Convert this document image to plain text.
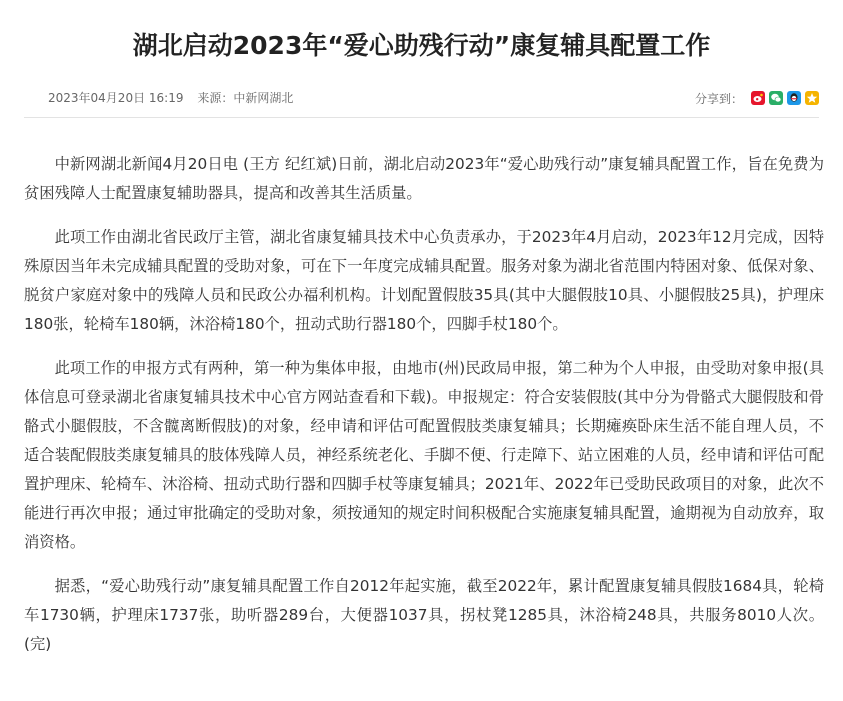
湖北启动2023年“爱心助残行动”康复辅具配置工作
2023年04月20日 16:19 来源：中新网湖北	分享到：

中新网湖北新闻4月20日电 (王方 纪红斌)日前，湖北启动2023年“爱心助残行动”康复辅具配置工作，旨在免费为贫困残障人士配置康复辅助器具，提高和改善其生活质量。

此项工作由湖北省民政厅主管，湖北省康复辅具技术中心负责承办，于2023年4月启动，2023年12月完成，因特殊原因当年未完成辅具配置的受助对象，可在下一年度完成辅具配置。服务对象为湖北省范围内特困对象、低保对象、脱贫户家庭对象中的残障人员和民政公办福利机构。计划配置假肢35具(其中大腿假肢10具、小腿假肢25具)，护理床180张，轮椅车180辆，沐浴椅180个，扭动式助行器180个，四脚手杖180个。

此项工作的申报方式有两种，第一种为集体申报，由地市(州)民政局申报，第二种为个人申报，由受助对象申报(具体信息可登录湖北省康复辅具技术中心官方网站查看和下载)。申报规定：符合安装假肢(其中分为骨骼式大腿假肢和骨骼式小腿假肢，不含髋离断假肢)的对象，经申请和评估可配置假肢类康复辅具；长期瘫痪卧床生活不能自理人员，不适合装配假肢类康复辅具的肢体残障人员，神经系统老化、手脚不便、行走障下、站立困难的人员，经申请和评估可配置护理床、轮椅车、沐浴椅、扭动式助行器和四脚手杖等康复辅具；2021年、2022年已受助民政项目的对象，此次不能进行再次申报；通过审批确定的受助对象，须按通知的规定时间积极配合实施康复辅具配置，逾期视为自动放弃，取消资格。

据悉，“爱心助残行动”康复辅具配置工作自2012年起实施，截至2022年，累计配置康复辅具假肢1684具，轮椅车1730辆，护理床1737张，助听器289台，大便器1037具，拐杖凳1285具，沐浴椅248具，共服务8010人次。(完)
